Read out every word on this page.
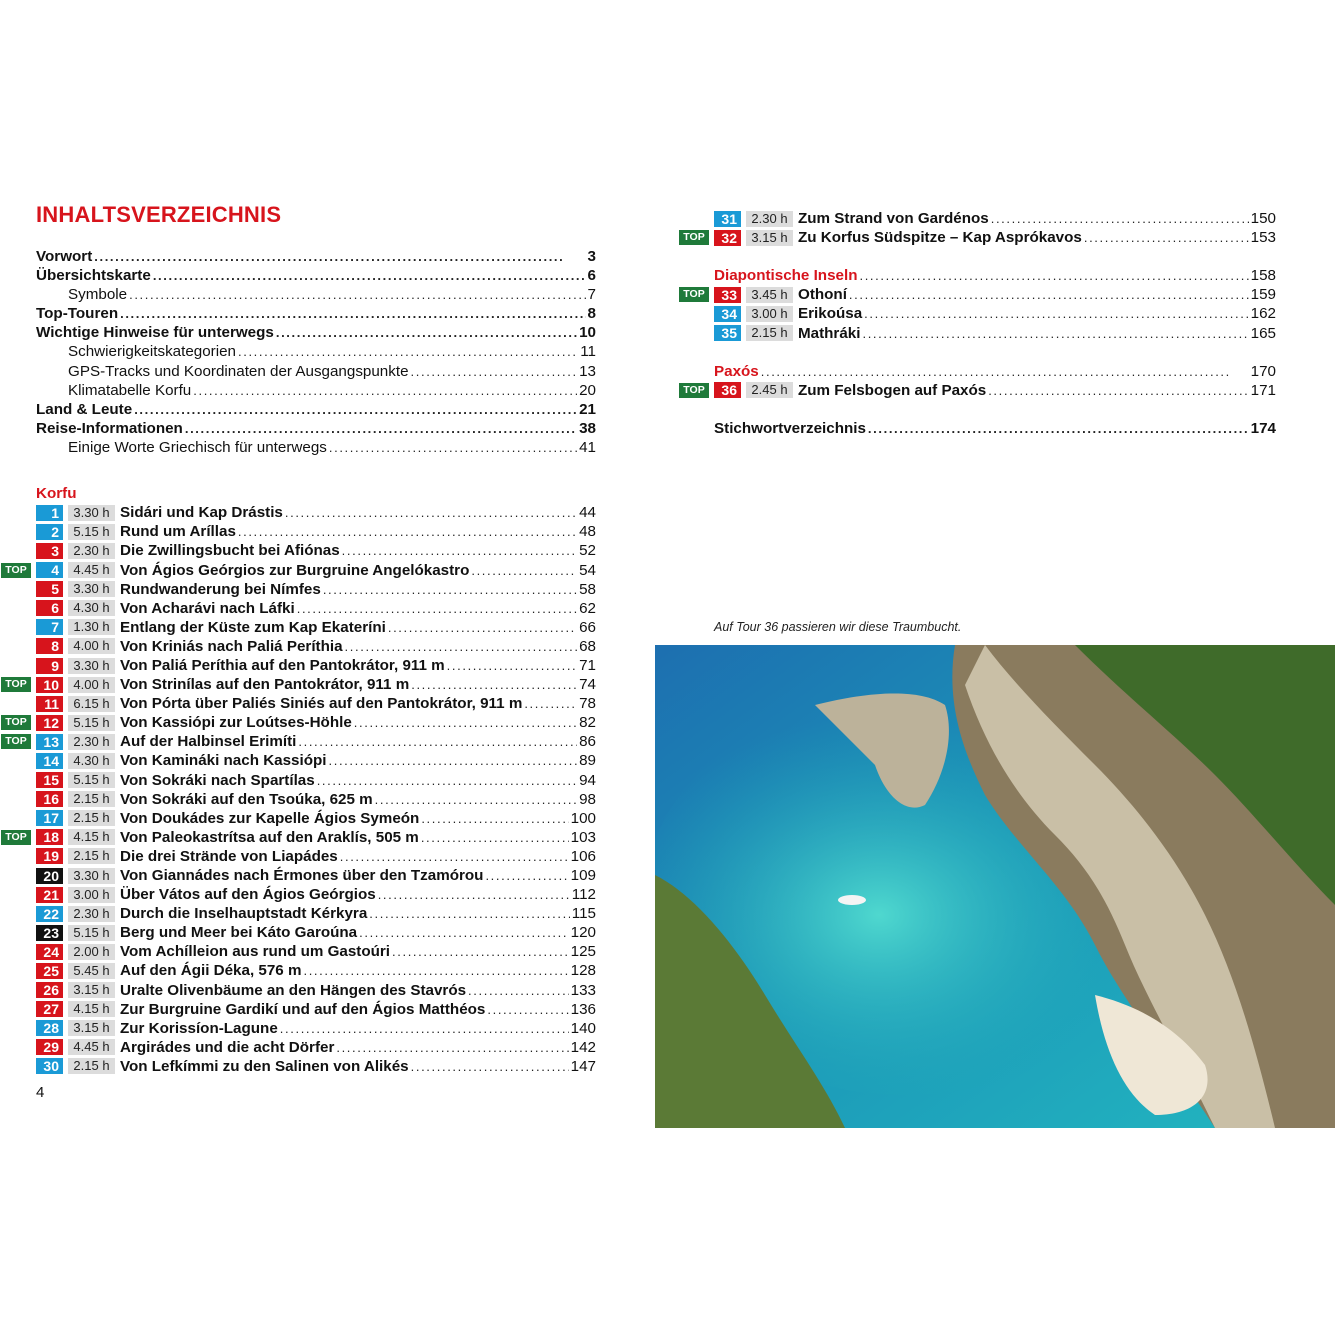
INHALTSVERZEICHNIS
Vorwort . . .	3
Übersichtskarte . . .	6
Symbole . . .	7
Top-Touren . . .	8
Wichtige Hinweise für unterwegs . . .	10
Schwierigkeitskategorien . . .	11
GPS-Tracks und Koordinaten der Ausgangspunkte . . .	13
Klimatabelle Korfu . . .	20
Land & Leute . . .	21
Reise-Informationen . . .	38
Einige Worte Griechisch für unterwegs . . .	41
Korfu
1	3.30 h Sidári und Kap Drástis . . .	44
2	5.15 h Rund um Aríllas . . .	48
3	2.30 h Die Zwillingsbucht bei Afiónas . . .	52
TOP	4	4.45 h Von Ágios Geórgios zur Burgruine Angelókastro . . .	54
5	3.30 h Rundwanderung bei Nímfes . . .	58
6	4.30 h Von Acharávi nach Láfki . . .	62
7	1.30 h Entlang der Küste zum Kap Ekateríni . . .	66
8	4.00 h Von Kriniás nach Paliá Períthia . . .	68
9	3.30 h Von Paliá Períthia auf den Pantokrátor, 911 m . . .	71
TOP	10	4.00 h Von Strinílas auf den Pantokrátor, 911 m . . .	74
11	6.15 h Von Pórta über Paliés Siniés auf den Pantokrátor, 911 m . . .	78
TOP	12	5.15 h Von Kassiópi zur Loútses-Höhle . . .	82
TOP	13	2.30 h Auf der Halbinsel Erimíti . . .	86
14	4.30 h Von Kamináki nach Kassiópi . . .	89
15	5.15 h Von Sokráki nach Spartílas . . .	94
16	2.15 h Von Sokráki auf den Tsoúka, 625 m . . .	98
17	2.15 h Von Doukádes zur Kapelle Ágios Symeón . . .	100
TOP	18	4.15 h Von Paleokastrítsa auf den Araklís, 505 m . . .	103
19	2.15 h Die drei Strände von Liapádes . . .	106
20	3.30 h Von Giannádes nach Érmones über den Tzamórou . . .	109
21	3.00 h Über Vátos auf den Ágios Geórgios . . .	112
22	2.30 h Durch die Inselhauptstadt Kérkyra . . .	115
23	5.15 h Berg und Meer bei Káto Garoúna . . .	120
24	2.00 h Vom Achílleion aus rund um Gastoúri . . .	125
25	5.45 h Auf den Ágii Déka, 576 m . . .	128
26	3.15 h Uralte Olivenbäume an den Hängen des Stavrós . . .	133
27	4.15 h Zur Burgruine Gardikí und auf den Ágios Matthéos . . .	136
28	3.15 h Zur Korissíon-Lagune . . .	140
29	4.45 h Argirádes und die acht Dörfer . . .	142
30	2.15 h Von Lefkímmi zu den Salinen von Alikés . . .	147
31	2.30 h Zum Strand von Gardénos . . .	150
TOP	32	3.15 h Zu Korfus Südspitze – Kap Asprókavos . . .	153
Diapontische Inseln . . .	158
TOP	33	3.45 h Othoní . . .	159
34	3.00 h Erikoúsa . . .	162
35	2.15 h Mathráki . . .	165
Paxós . . .	170
TOP	36	2.45 h Zum Felsbogen auf Paxós . . .	171
Stichwortverzeichnis . . .	174
Auf Tour 36 passieren wir diese Traumbucht.
4
